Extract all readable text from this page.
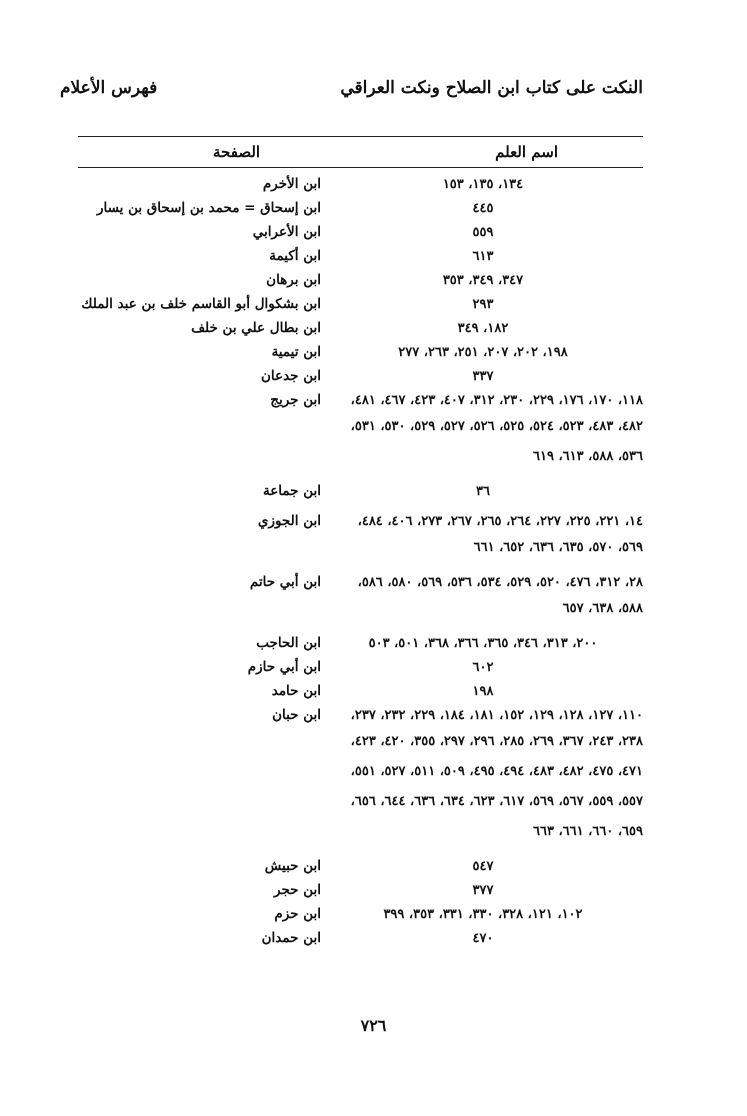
النكت على كتاب ابن الصلاح ونكت العراقي
فهرس الأعلام
اسم العلم
الصفحة
ابن الأخرم	١٣٤، ١٣٥، ١٥٣
ابن إسحاق = محمد بن إسحاق بن يسار	٤٤٥
ابن الأعرابي	٥٥٩
ابن أكيمة	٦١٣
ابن برهان	٣٤٧، ٣٤٩، ٣٥٣
ابن بشكوال أبو القاسم خلف بن عبد الملك	٢٩٣
ابن بطال علي بن خلف	١٨٢، ٣٤٩
ابن تيمية	١٩٨، ٢٠٢، ٢٠٧، ٢٥١، ٢٦٣، ٢٧٧
ابن جدعان	٣٣٧
ابن جريج	١١٨، ١٧٠، ١٧٦، ٢٢٩، ٢٣٠، ٣١٢، ٤٠٧، ٤٢٣، ٤٦٧، ٤٨١،
٤٨٢، ٤٨٣، ٥٢٣، ٥٢٤، ٥٢٥، ٥٢٦، ٥٢٧، ٥٢٩، ٥٣٠، ٥٣١،
٥٣٦، ٥٨٨، ٦١٣، ٦١٩
ابن جماعة	٣٦
ابن الجوزي	١٤، ٢٢١، ٢٢٥، ٢٢٧، ٢٦٤، ٢٦٥، ٢٦٧، ٢٧٣، ٤٠٦، ٤٨٤،
٥٦٩، ٥٧٠، ٦٣٥، ٦٣٦، ٦٥٢، ٦٦١
ابن أبي حاتم	٢٨، ٣١٢، ٤٧٦، ٥٢٠، ٥٢٩، ٥٣٤، ٥٣٦، ٥٦٩، ٥٨٠، ٥٨٦،
٥٨٨، ٦٣٨، ٦٥٧
ابن الحاجب	٢٠٠، ٣١٣، ٣٤٦، ٣٦٥، ٣٦٦، ٣٦٨، ٥٠١، ٥٠٣
ابن أبي حازم	٦٠٢
ابن حامد	١٩٨
ابن حبان	١١٠، ١٢٧، ١٢٨، ١٢٩، ١٥٢، ١٨١، ١٨٤، ٢٢٩، ٢٣٢، ٢٣٧،
٢٣٨، ٢٤٣، ٣٦٧، ٢٦٩، ٢٨٥، ٢٩٦، ٢٩٧، ٣٥٥، ٤٢٠، ٤٢٣،
٤٧١، ٤٧٥، ٤٨٢، ٤٨٣، ٤٩٤، ٤٩٥، ٥٠٩، ٥١١، ٥٢٧، ٥٥١،
٥٥٧، ٥٥٩، ٥٦٧، ٥٦٩، ٦١٧، ٦٢٣، ٦٣٤، ٦٣٦، ٦٤٤، ٦٥٦،
٦٥٩، ٦٦٠، ٦٦١، ٦٦٣
ابن حبيش	٥٤٧
ابن حجر	٣٧٧
ابن حزم	١٠٢، ١٢١، ٣٢٨، ٣٣٠، ٣٣١، ٣٥٣، ٣٩٩
ابن حمدان	٤٧٠
٧٢٦
